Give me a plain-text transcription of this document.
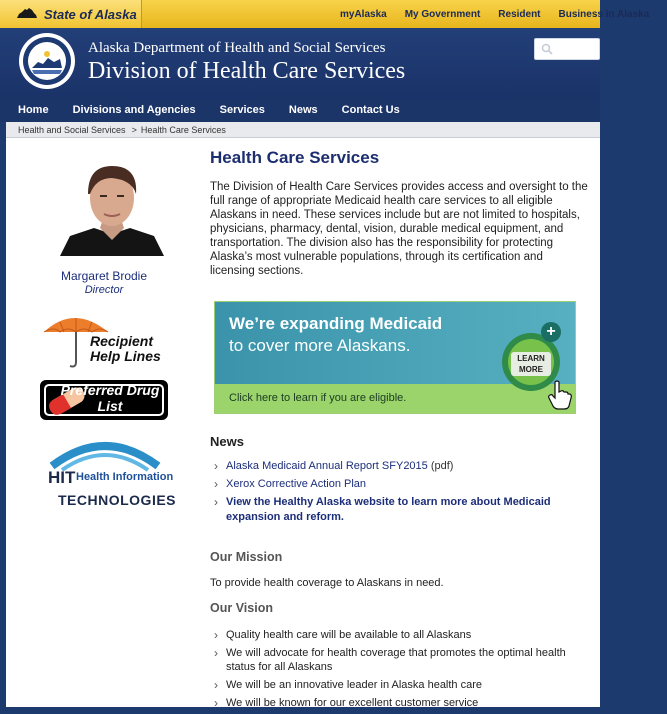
State of Alaska	myAlaska My Government Resident Business in Alaska
Alaska Department of Health and Social Services
Division of Health Care Services
Home Divisions and Agencies Services News Contact Us
Health and Social Services > Health Care Services
Margaret Brodie
Director
Recipient Help Lines
Preferred Drug List
HIT Health Information
TECHNOLOGIES
Health Care Services
The Division of Health Care Services provides access and oversight to the full range of appropriate Medicaid health care services to all eligible Alaskans in need. These services include but are not limited to hospitals, physicians, pharmacy, dental, vision, durable medical equipment, and transportation. The division also has the responsibility for protecting Alaska’s most vulnerable populations, through its certification and licensing sections.
We’re expanding Medicaid
to cover more Alaskans.
Click here to learn if you are eligible.
+
LEARN MORE
News
› Alaska Medicaid Annual Report SFY2015 (pdf)
› Xerox Corrective Action Plan
› View the Healthy Alaska website to learn more about Medicaid expansion and reform.
Our Mission
To provide health coverage to Alaskans in need.
Our Vision
› Quality health care will be available to all Alaskans
› We will advocate for health coverage that promotes the optimal health status for all Alaskans
› We will be an innovative leader in Alaska health care
› We will be known for our excellent customer service
